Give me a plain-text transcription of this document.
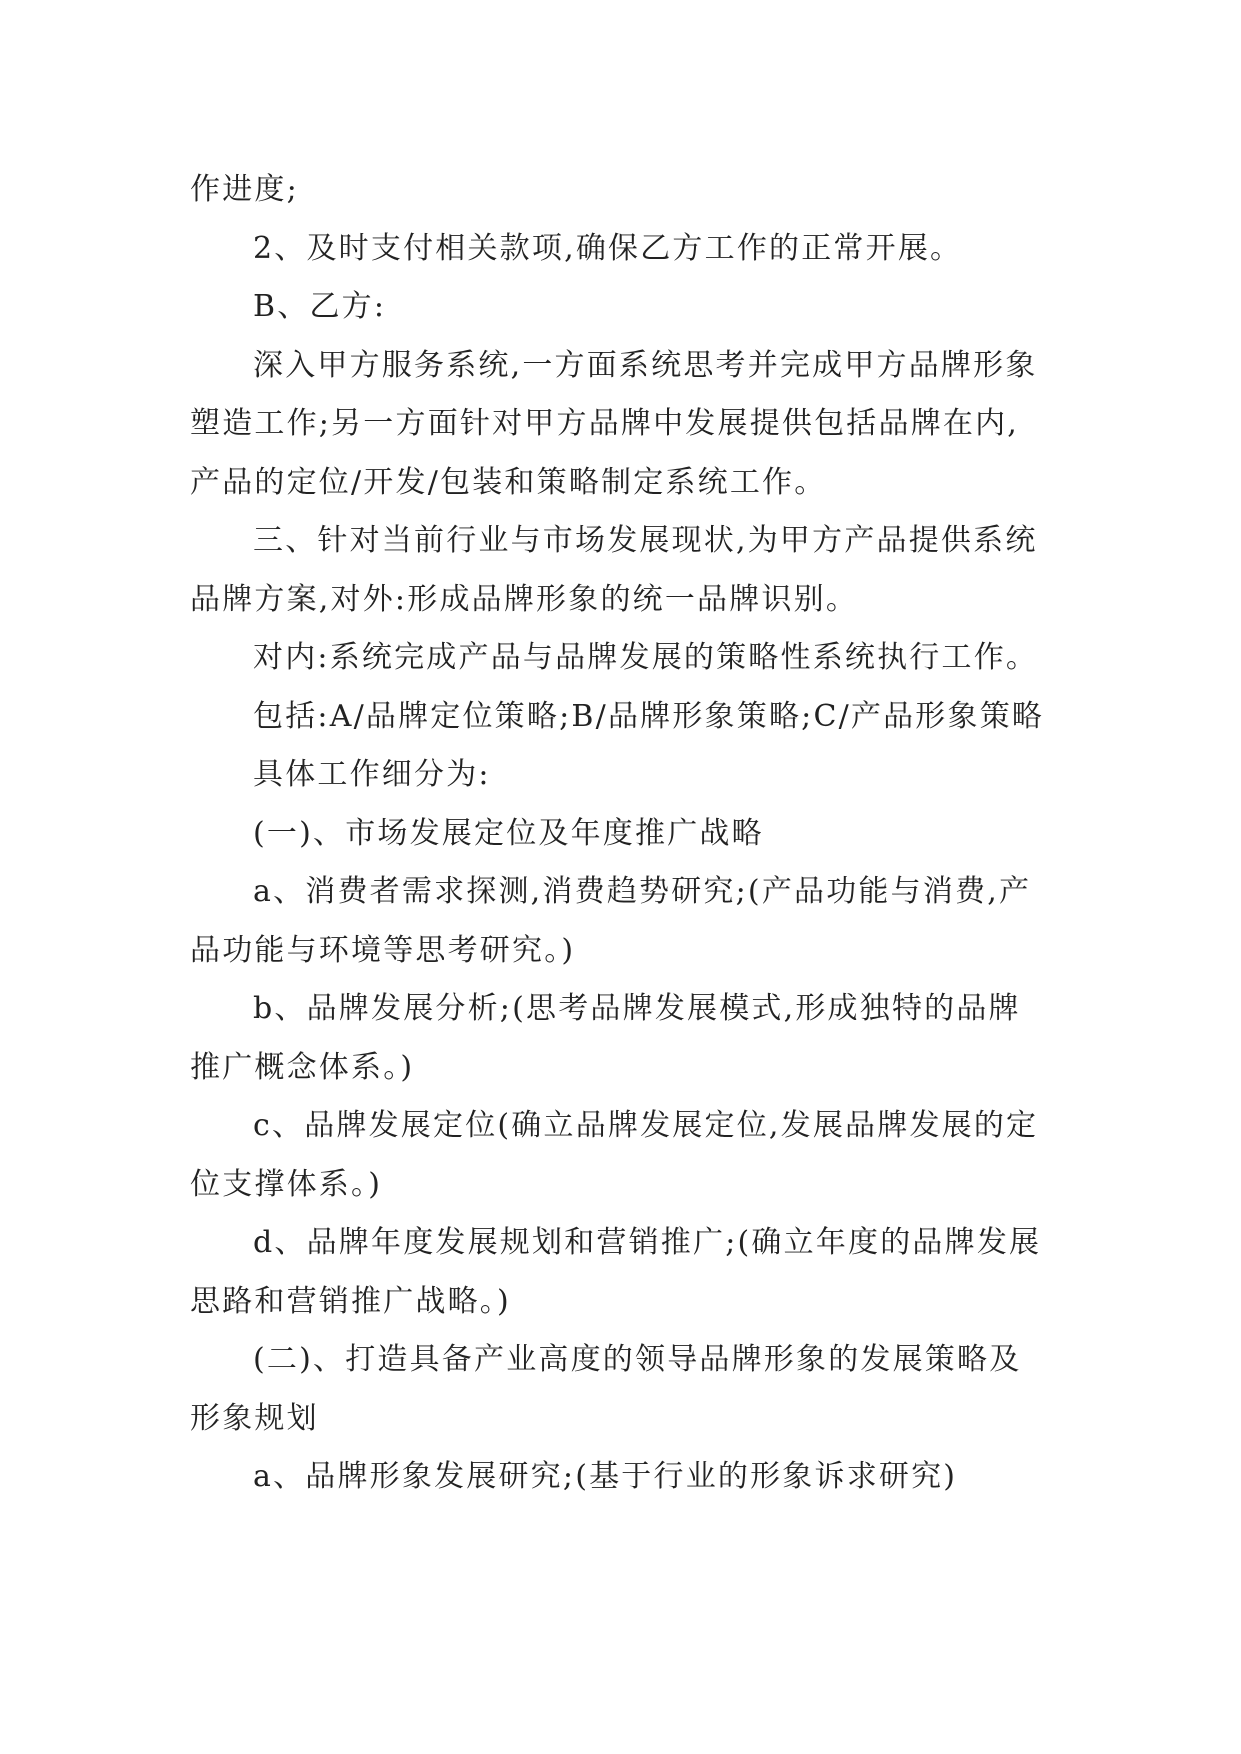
作进度;

2、及时支付相关款项,确保乙方工作的正常开展。

B、乙方:

深入甲方服务系统,一方面系统思考并完成甲方品牌形象塑造工作;另一方面针对甲方品牌中发展提供包括品牌在内,产品的定位/开发/包装和策略制定系统工作。

三、针对当前行业与市场发展现状,为甲方产品提供系统品牌方案,对外:形成品牌形象的统一品牌识别。

对内:系统完成产品与品牌发展的策略性系统执行工作。

包括:A/品牌定位策略;B/品牌形象策略;C/产品形象策略

具体工作细分为:

(一)、市场发展定位及年度推广战略

a、消费者需求探测,消费趋势研究;(产品功能与消费,产品功能与环境等思考研究。)

b、品牌发展分析;(思考品牌发展模式,形成独特的品牌推广概念体系。)

c、品牌发展定位(确立品牌发展定位,发展品牌发展的定位支撑体系。)

d、品牌年度发展规划和营销推广;(确立年度的品牌发展思路和营销推广战略。)

(二)、打造具备产业高度的领导品牌形象的发展策略及形象规划

a、品牌形象发展研究;(基于行业的形象诉求研究)
